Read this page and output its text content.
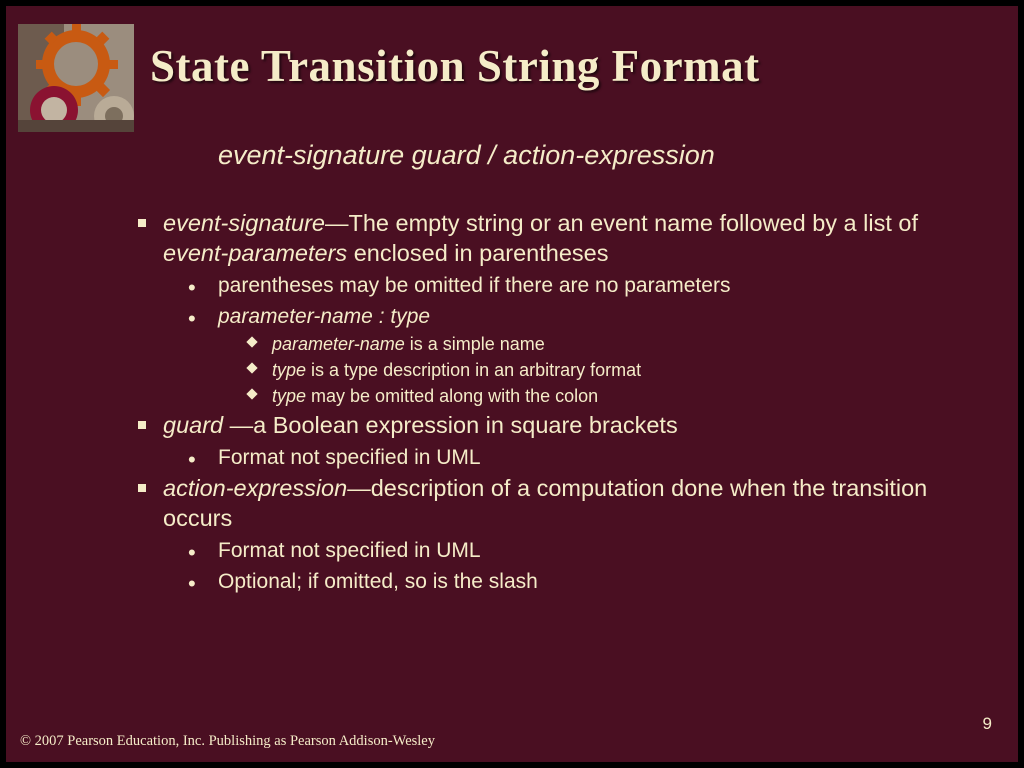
State Transition String Format
event-signature guard / action-expression
event-signature—The empty string or an event name followed by a list of event-parameters enclosed in parentheses
• parentheses may be omitted if there are no parameters
• parameter-name : type
parameter-name is a simple name
type is a type description in an arbitrary format
type may be omitted along with the colon
guard —a Boolean expression in square brackets
• Format not specified in UML
action-expression—description of a computation done when the transition occurs
• Format not specified in UML
• Optional; if omitted, so is the slash
© 2007 Pearson Education, Inc. Publishing as Pearson Addison-Wesley
9
